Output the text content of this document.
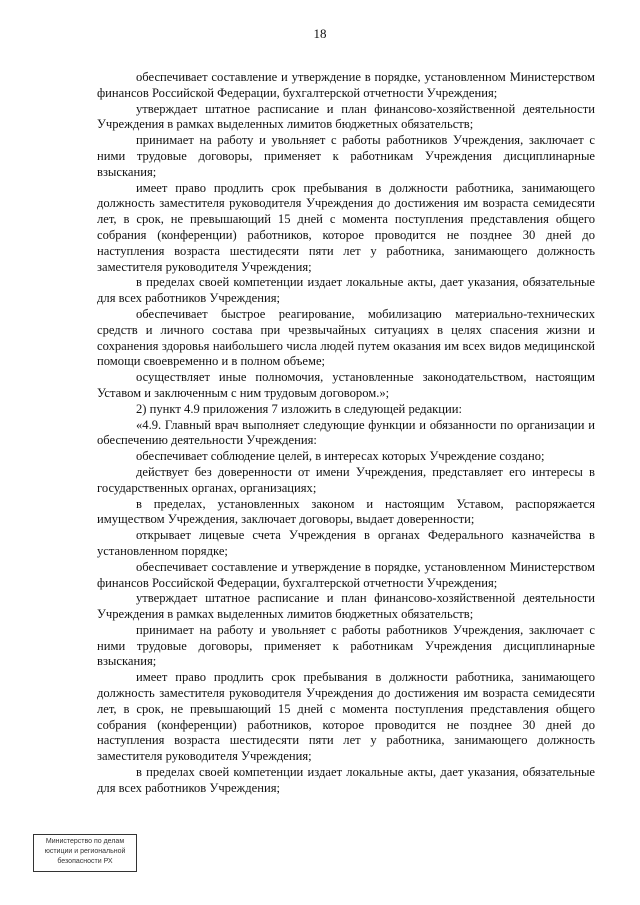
18

обеспечивает составление и утверждение в порядке, установленном Министерством финансов Российской Федерации, бухгалтерской отчетности Учреждения;

утверждает штатное расписание и план финансово-хозяйственной деятельности Учреждения в рамках выделенных лимитов бюджетных обязательств;

принимает на работу и увольняет с работы работников Учреждения, заключает с ними трудовые договоры, применяет к работникам Учреждения дисциплинарные взыскания;

имеет право продлить срок пребывания в должности работника, занимающего должность заместителя руководителя Учреждения до достижения им возраста семидесяти лет, в срок, не превышающий 15 дней с момента поступления представления общего собрания (конференции) работников, которое проводится не позднее 30 дней до наступления возраста шестидесяти пяти лет у работника, занимающего должность заместителя руководителя Учреждения;

в пределах своей компетенции издает локальные акты, дает указания, обязательные для всех работников Учреждения;

обеспечивает быстрое реагирование, мобилизацию материально-технических средств и личного состава при чрезвычайных ситуациях в целях спасения жизни и сохранения здоровья наибольшего числа людей путем оказания им всех видов медицинской помощи своевременно и в полном объеме;

осуществляет иные полномочия, установленные законодательством, настоящим Уставом и заключенным с ним трудовым договором.»;

2) пункт 4.9 приложения 7 изложить в следующей редакции:

«4.9. Главный врач выполняет следующие функции и обязанности по организации и обеспечению деятельности Учреждения:

обеспечивает соблюдение целей, в интересах которых Учреждение создано;

действует без доверенности от имени Учреждения, представляет его интересы в государственных органах, организациях;

в пределах, установленных законом и настоящим Уставом, распоряжается имуществом Учреждения, заключает договоры, выдает доверенности;

открывает лицевые счета Учреждения в органах Федерального казначейства в установленном порядке;

обеспечивает составление и утверждение в порядке, установленном Министерством финансов Российской Федерации, бухгалтерской отчетности Учреждения;

утверждает штатное расписание и план финансово-хозяйственной деятельности Учреждения в рамках выделенных лимитов бюджетных обязательств;

принимает на работу и увольняет с работы работников Учреждения, заключает с ними трудовые договоры, применяет к работникам Учреждения дисциплинарные взыскания;

имеет право продлить срок пребывания в должности работника, занимающего должность заместителя руководителя Учреждения до достижения им возраста семидесяти лет, в срок, не превышающий 15 дней с момента поступления представления общего собрания (конференции) работников, которое проводится не позднее 30 дней до наступления возраста шестидесяти пяти лет у работника, занимающего должность заместителя руководителя Учреждения;

в пределах своей компетенции издает локальные акты, дает указания, обязательные для всех работников Учреждения;

Министерство по делам
юстиции и региональной
безопасности РХ
